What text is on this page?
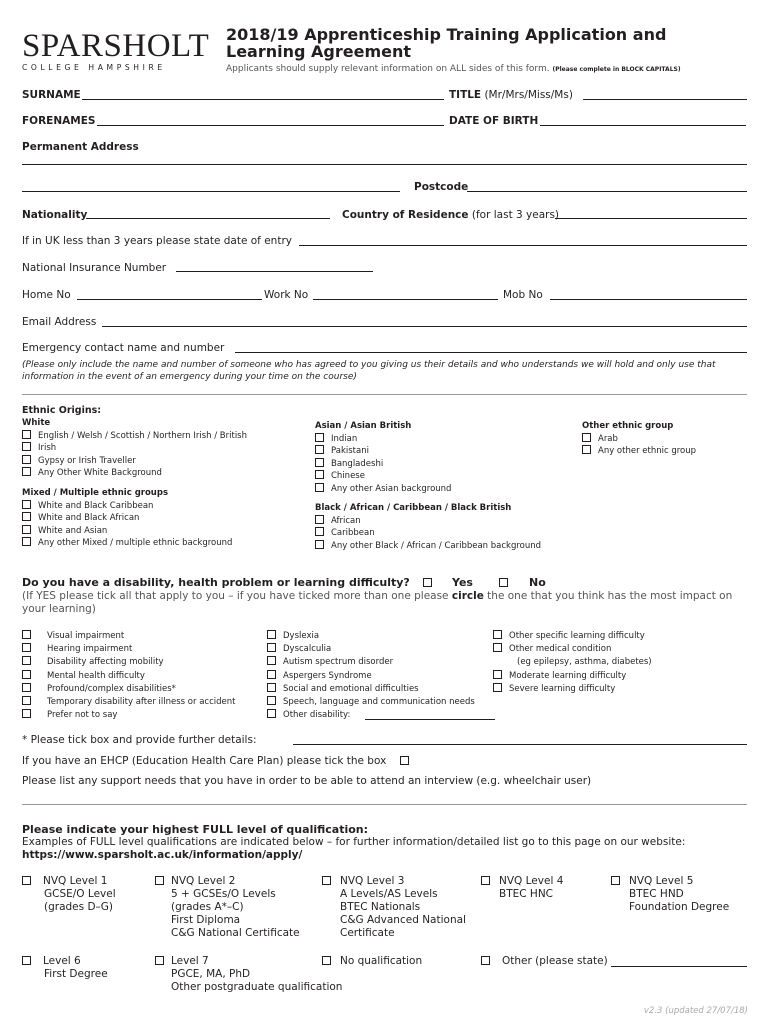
SPARSHOLT
COLLEGE HAMPSHIRE
2018/19 Apprenticeship Training Application and Learning Agreement
Applicants should supply relevant information on ALL sides of this form. (Please complete in BLOCK CAPITALS)
SURNAME	TITLE (Mr/Mrs/Miss/Ms)
FORENAMES	DATE OF BIRTH
Permanent Address
Postcode
Nationality	Country of Residence (for last 3 years)
If in UK less than 3 years please state date of entry
National Insurance Number
Home No	Work No	Mob No
Email Address
Emergency contact name and number
(Please only include the name and number of someone who has agreed to you giving us their details and who understands we will hold and only use that information in the event of an emergency during your time on the course)
Ethnic Origins:
White
English / Welsh / Scottish / Northern Irish / British
Irish
Gypsy or Irish Traveller
Any Other White Background
Mixed / Multiple ethnic groups
White and Black Caribbean
White and Black African
White and Asian
Any other Mixed / multiple ethnic background
Asian / Asian British
Indian
Pakistani
Bangladeshi
Chinese
Any other Asian background
Black / African / Caribbean / Black British
African
Caribbean
Any other Black / African / Caribbean background
Other ethnic group
Arab
Any other ethnic group
Do you have a disability, health problem or learning difficulty?	Yes	No
(If YES please tick all that apply to you – if you have ticked more than one please circle the one that you think has the most impact on your learning)
Visual impairment
Hearing impairment
Disability affecting mobility
Mental health difficulty
Profound/complex disabilities*
Temporary disability after illness or accident
Prefer not to say
Dyslexia
Dyscalculia
Autism spectrum disorder
Aspergers Syndrome
Social and emotional difficulties
Speech, language and communication needs
Other disability:
Other specific learning difficulty
Other medical condition
(eg epilepsy, asthma, diabetes)
Moderate learning difficulty
Severe learning difficulty
* Please tick box and provide further details:
If you have an EHCP (Education Health Care Plan) please tick the box
Please list any support needs that you have in order to be able to attend an interview (e.g. wheelchair user)
Please indicate your highest FULL level of qualification:
Examples of FULL level qualifications are indicated below – for further information/detailed list go to this page on our website: https://www.sparsholt.ac.uk/information/apply/
NVQ Level 1
GCSE/O Level
(grades D–G)
NVQ Level 2
5 + GCSEs/O Levels
(grades A*–C)
First Diploma
C&G National Certificate
NVQ Level 3
A Levels/AS Levels
BTEC Nationals
C&G Advanced National
Certificate
NVQ Level 4
BTEC HNC
NVQ Level 5
BTEC HND
Foundation Degree
Level 6
First Degree
Level 7
PGCE, MA, PhD
Other postgraduate qualification
No qualification	Other (please state)
v2.3 (updated 27/07/18)
